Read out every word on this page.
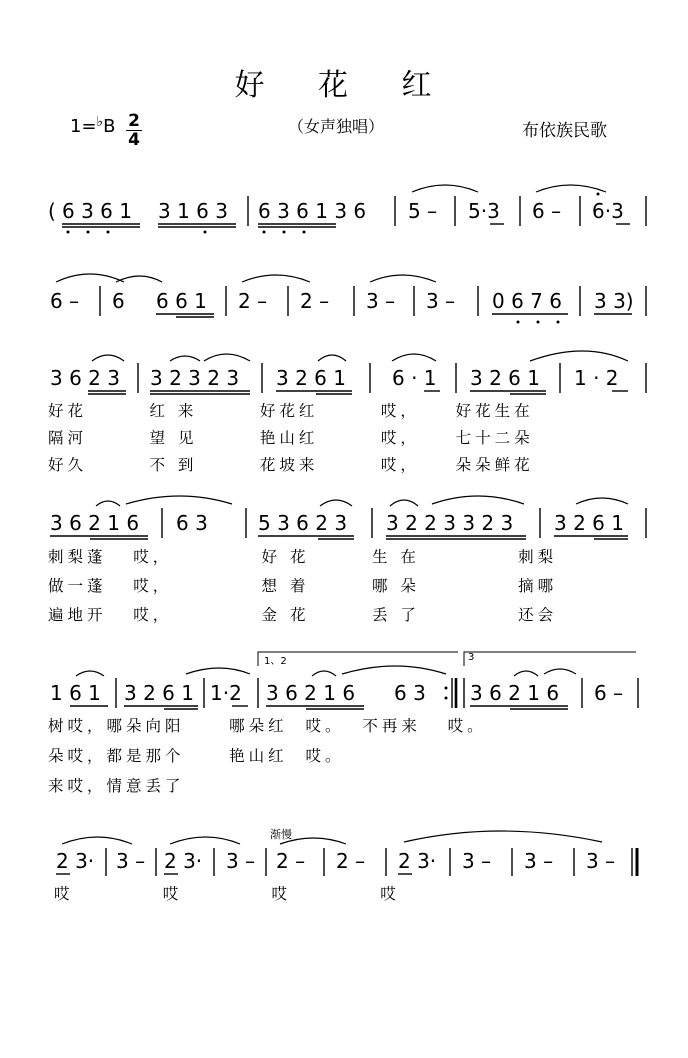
好 花 红
（女声独唱）	布依族民歌
$1=^♭B \frac{2}{4}$
( 6 3 6 1 3 1 6 3 6 3 6 1 3 6 5 – 5·3 6 – 6·3
6 – 6 6 6 1 2 – 2 – 3 – 3 – 0 6 7 6 3 3)
3 6 2 3 3 2 3 2 3 3 2 6 1 6 · 1 3 2 6 1 1 · 2
好花       红 来       好花红       哎，    好花生在
隔河       望 见       艳山红       哎，    七十二朵
好久       不 到       花坡来       哎，    朵朵鲜花
3 6 2 1 6 6 3	5 3 6 2 3 3 2 2 3 3 2 3 3 2 6 1
刺梨蓬   哎，          好 花       生 在           刺梨
做一蓬   哎，          想 着       哪 朵           摘哪
遍地开   哎，          金 花       丢 了           还会
1、2	3
1 6 1 3 2 6 1 1·2 3 6 2 1 6 6 3 3 6 2 1 6 6 –
树哎，哪朵向阳     哪朵红  哎。  不再来   哎。
朵哎，都是那个     艳山红  哎。
来哎，情意丢了
渐慢
2 3· 3 – 2 3· 3 – 2 – 2 – 2 3· 3 – 3 – 3 –
哎          哎          哎          哎
